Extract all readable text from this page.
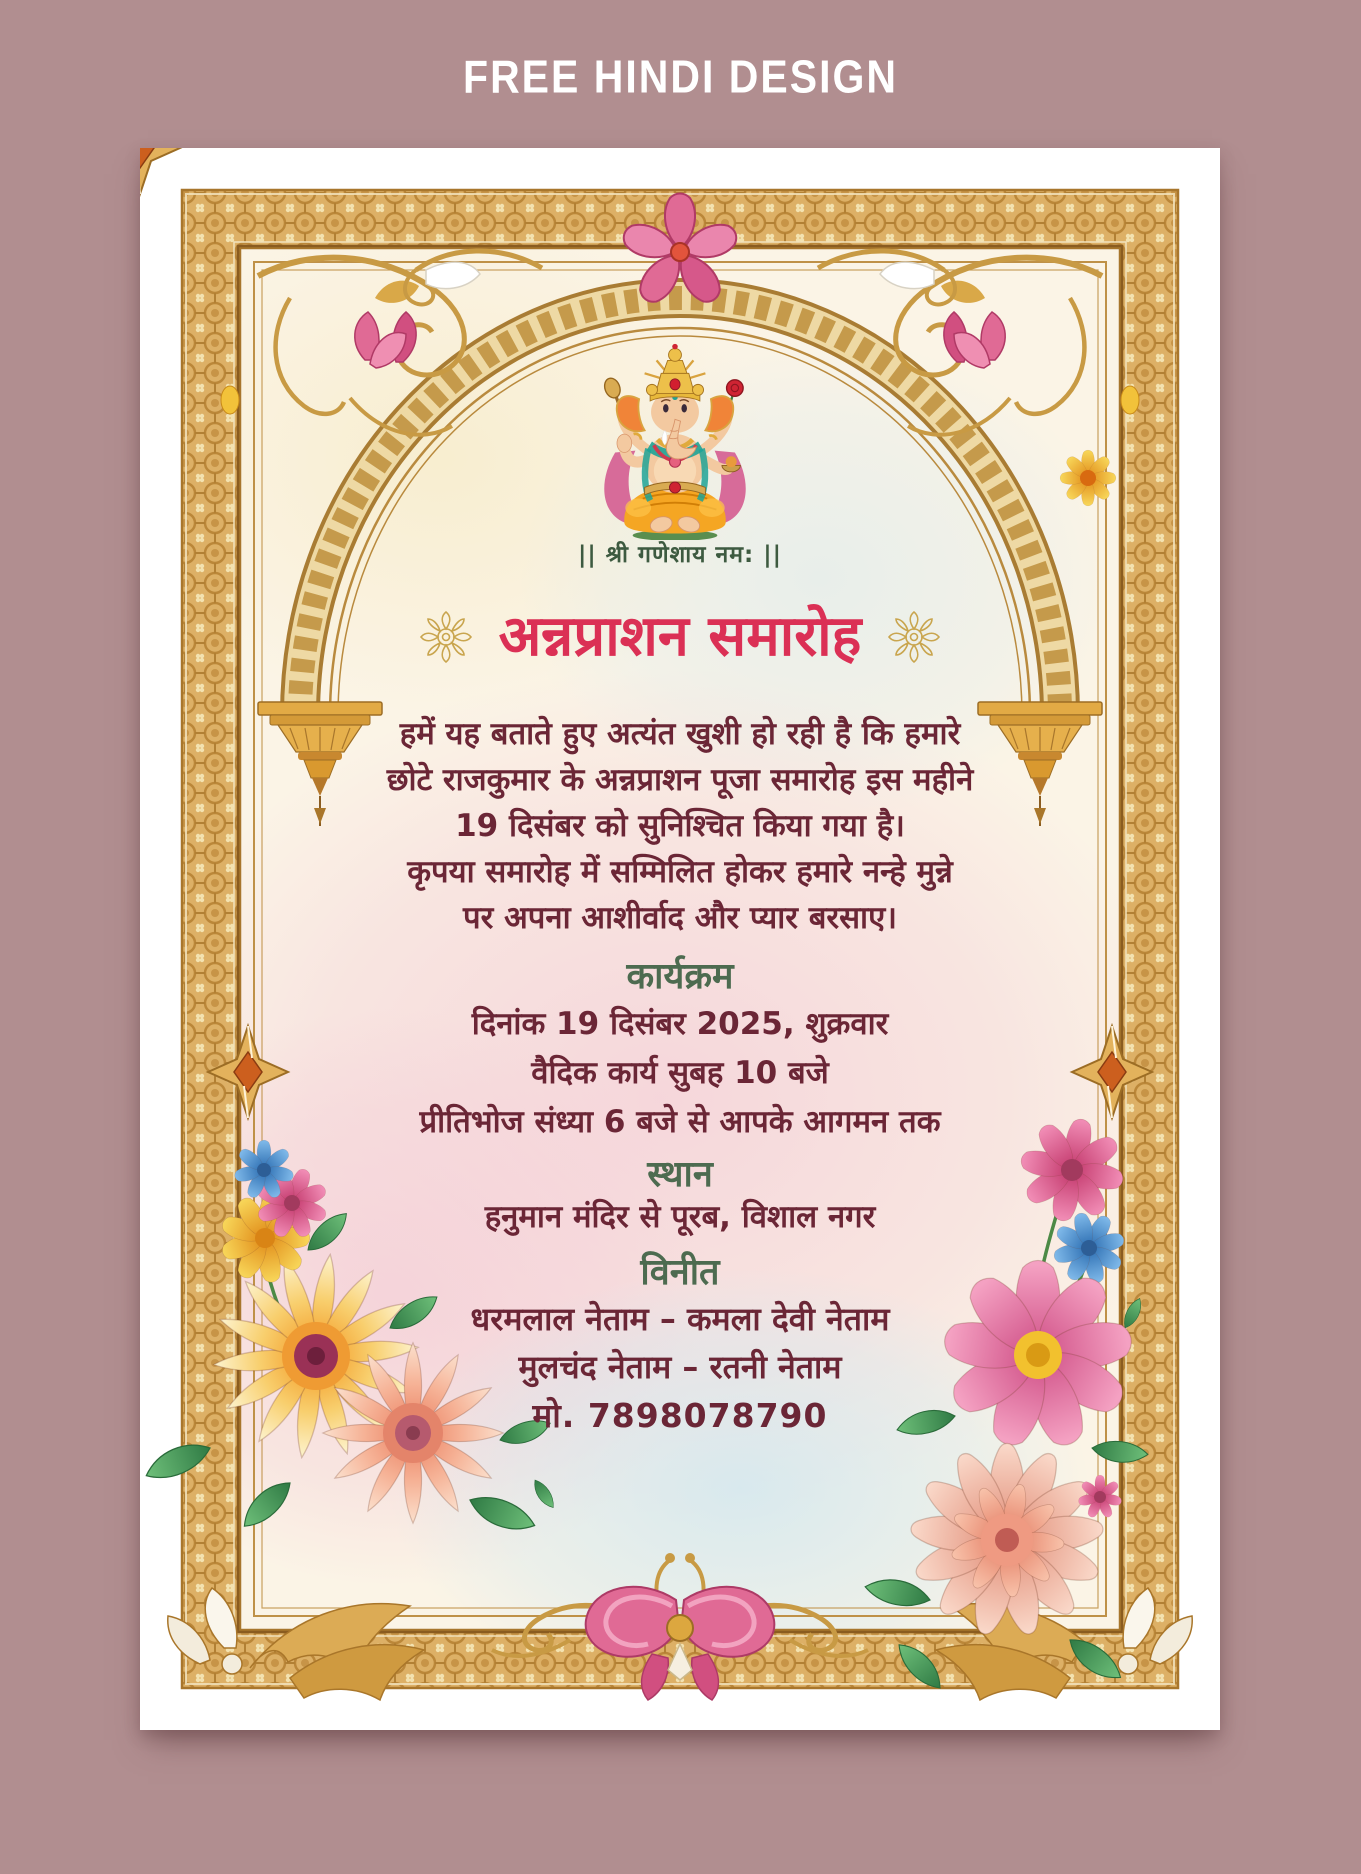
FREE HINDI DESIGN
|| श्री गणेशाय नम: ||
अन्नप्राशन समारोह
हमें यह बताते हुए अत्यंत खुशी हो रही है कि हमारे
छोटे राजकुमार के अन्नप्राशन पूजा समारोह इस महीने
19 दिसंबर को सुनिश्चित किया गया है।
कृपया समारोह में सम्मिलित होकर हमारे नन्हे मुन्ने
पर अपना आशीर्वाद और प्यार बरसाए।
कार्यक्रम
दिनांक 19 दिसंबर 2025, शुक्रवार
वैदिक कार्य सुबह 10 बजे
प्रीतिभोज संध्या 6 बजे से आपके आगमन तक
स्थान
हनुमान मंदिर से पूरब, विशाल नगर
विनीत
धरमलाल नेताम – कमला देवी नेताम
मुलचंद नेताम – रतनी नेताम
मो. 7898078790
